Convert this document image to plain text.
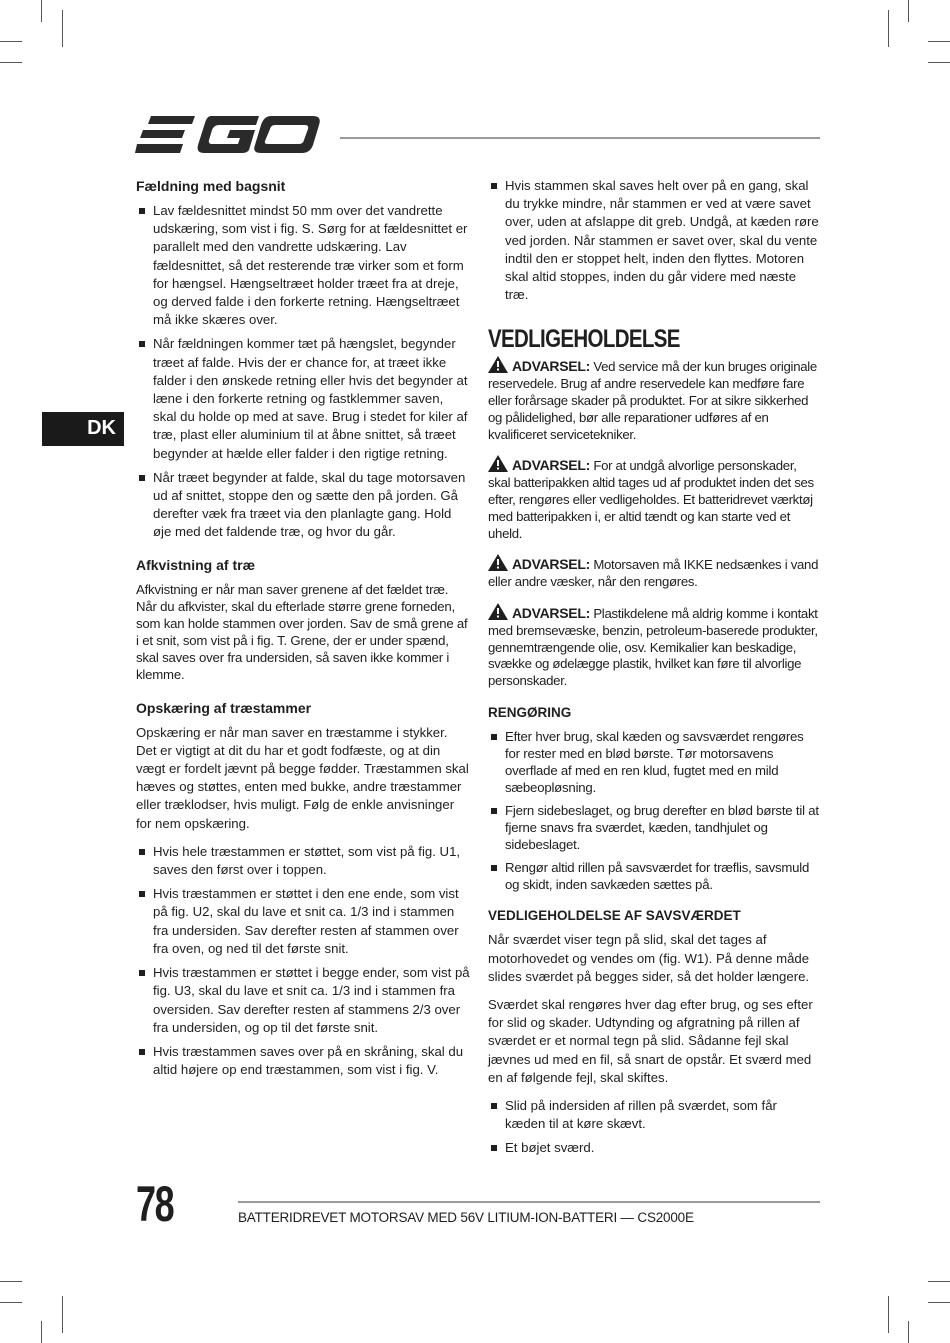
DK
Fældning med bagsnit
Lav fældesnittet mindst 50 mm over det vandrette udskæring, som vist i fig. S. Sørg for at fældesnittet er parallelt med den vandrette udskæring. Lav fældesnittet, så det resterende træ virker som et form for hængsel. Hængseltræet holder træet fra at dreje, og derved falde i den forkerte retning. Hængseltræet må ikke skæres over.
Når fældningen kommer tæt på hængslet, begynder træet af falde. Hvis der er chance for, at træet ikke falder i den ønskede retning eller hvis det begynder at læne i den forkerte retning og fastklemmer saven, skal du holde op med at save. Brug i stedet for kiler af træ, plast eller aluminium til at åbne snittet, så træet begynder at hælde eller falder i den rigtige retning.
Når træet begynder at falde, skal du tage motorsaven ud af snittet, stoppe den og sætte den på jorden. Gå derefter væk fra træet via den planlagte gang. Hold øje med det faldende træ, og hvor du går.
Afkvistning af træ

Afkvistning er når man saver grenene af det fældet træ. Når du afkvister, skal du efterlade større grene forneden, som kan holde stammen over jorden. Sav de små grene af i et snit, som vist på i fig. T. Grene, der er under spænd, skal saves over fra undersiden, så saven ikke kommer i klemme.

Opskæring af træstammer

Opskæring er når man saver en træstamme i stykker. Det er vigtigt at dit du har et godt fodfæste, og at din vægt er fordelt jævnt på begge fødder. Træstammen skal hæves og støttes, enten med bukke, andre træstammer eller træklodser, hvis muligt. Følg de enkle anvisninger for nem opskæring.

Hvis hele træstammen er støttet, som vist på fig. U1, saves den først over i toppen.
Hvis træstammen er støttet i den ene ende, som vist på fig. U2, skal du lave et snit ca. 1/3 ind i stammen fra undersiden. Sav derefter resten af stammen over fra oven, og ned til det første snit.
Hvis træstammen er støttet i begge ender, som vist på fig. U3, skal du lave et snit ca. 1/3 ind i stammen fra oversiden. Sav derefter resten af stammens 2/3 over fra undersiden, og op til det første snit.
Hvis træstammen saves over på en skråning, skal du altid højere op end træstammen, som vist i fig. V.
Hvis stammen skal saves helt over på en gang, skal du trykke mindre, når stammen er ved at være savet over, uden at afslappe dit greb. Undgå, at kæden røre ved jorden. Når stammen er savet over, skal du vente indtil den er stoppet helt, inden den flyttes. Motoren skal altid stoppes, inden du går videre med næste træ.
VEDLIGEHOLDELSE
ADVARSEL: Ved service må der kun bruges originale reservedele. Brug af andre reservedele kan medføre fare eller forårsage skader på produktet. For at sikre sikkerhed og pålidelighed, bør alle reparationer udføres af en kvalificeret servicetekniker.
ADVARSEL: For at undgå alvorlige personskader, skal batteripakken altid tages ud af produktet inden det ses efter, rengøres eller vedligeholdes. Et batteridrevet værktøj med batteripakken i, er altid tændt og kan starte ved et uheld.
ADVARSEL: Motorsaven må IKKE nedsænkes i vand eller andre væsker, når den rengøres.
ADVARSEL: Plastikdelene må aldrig komme i kontakt med bremsevæske, benzin, petroleum-baserede produkter, gennemtrængende olie, osv. Kemikalier kan beskadige, svække og ødelægge plastik, hvilket kan føre til alvorlige personskader.
RENGØRING
Efter hver brug, skal kæden og savsværdet rengøres for rester med en blød børste. Tør motorsavens overflade af med en ren klud, fugtet med en mild sæbeopløsning.
Fjern sidebeslaget, og brug derefter en blød børste til at fjerne snavs fra sværdet, kæden, tandhjulet og sidebeslaget.
Rengør altid rillen på savsværdet for træflis, savsmuld og skidt, inden savkæden sættes på.
VEDLIGEHOLDELSE AF SAVSVÆRDET

Når sværdet viser tegn på slid, skal det tages af motorhovedet og vendes om (fig. W1). På denne måde slides sværdet på begges sider, så det holder længere.

Sværdet skal rengøres hver dag efter brug, og ses efter for slid og skader. Udtynding og afgratning på rillen af sværdet er et normal tegn på slid. Sådanne fejl skal jævnes ud med en fil, så snart de opstår. Et sværd med en af følgende fejl, skal skiftes.

Slid på indersiden af rillen på sværdet, som får kæden til at køre skævt.
Et bøjet sværd.
78	BATTERIDREVET MOTORSAV MED 56V LITIUM-ION-BATTERI — CS2000E
